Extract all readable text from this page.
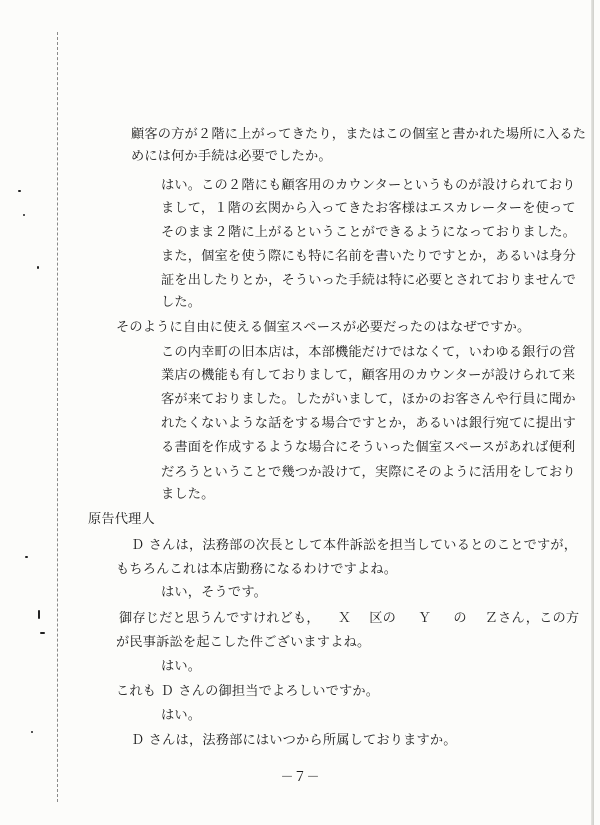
顧客の方が２階に上がってきたり，またはこの個室と書かれた場所に入るた
めには何か手続は必要でしたか。
はい。この２階にも顧客用のカウンターというものが設けられており
まして，１階の玄関から入ってきたお客様はエスカレーターを使って
そのまま２階に上がるということができるようになっておりました。
また，個室を使う際にも特に名前を書いたりですとか，あるいは身分
証を出したりとか，そういった手続は特に必要とされておりませんで
した。
そのように自由に使える個室スペースが必要だったのはなぜですか。
この内幸町の旧本店は，本部機能だけではなくて，いわゆる銀行の営
業店の機能も有しておりまして，顧客用のカウンターが設けられて来
客が来ておりました。したがいまして，ほかのお客さんや行員に聞か
れたくないような話をする場合ですとか，あるいは銀行宛てに提出す
る書面を作成するような場合にそういった個室スペースがあれば便利
だろうということで幾つか設けて，実際にそのように活用をしており
ました。
原告代理人
Ｄ さんは，法務部の次長として本件訴訟を担当しているとのことですが，
もちろんこれは本店勤務になるわけですよね。
はい，そうです。
御存じだと思うんですけれども， Ｘ 区の Ｙ の Ｚさん，この方
が民事訴訟を起こした件ございますよね。
はい。
これも Ｄ さんの御担当でよろしいですか。
はい。
Ｄ さんは，法務部にはいつから所属しておりますか。
－７－
